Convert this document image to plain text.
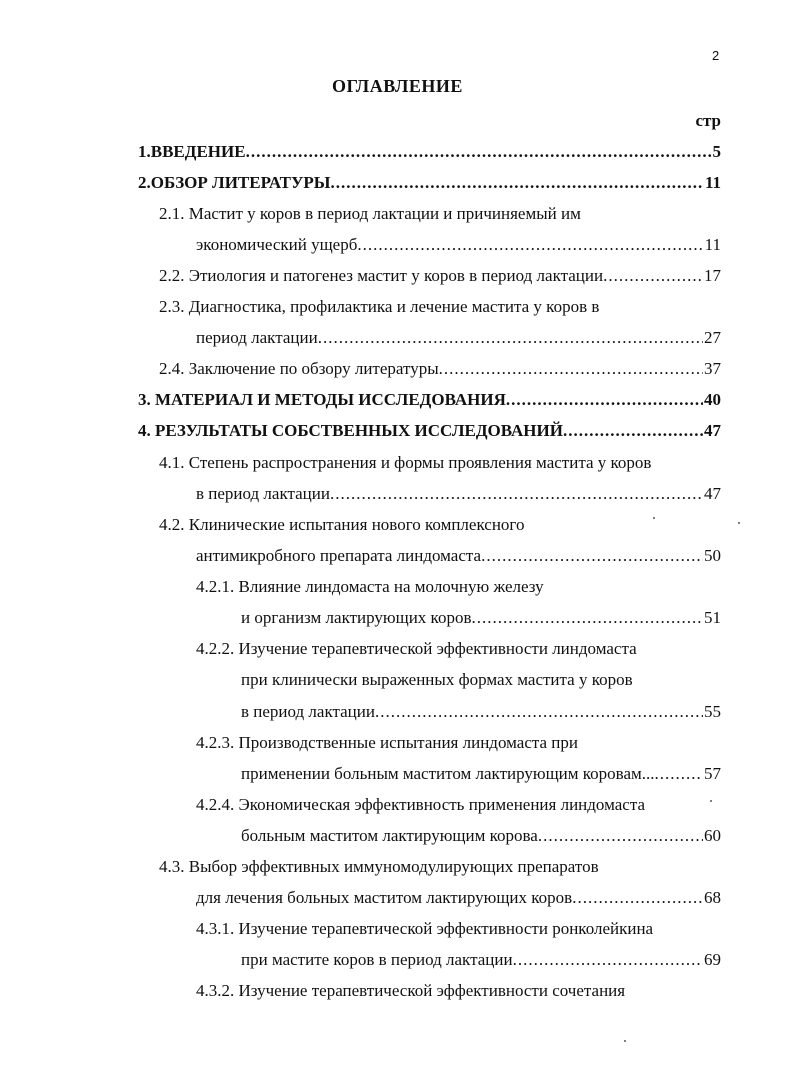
2
ОГЛАВЛЕНИЕ
стр
1.ВВЕДЕНИЕ .....	5
2.ОБЗОР ЛИТЕРАТУРЫ .....	11
2.1. Мастит у коров в период лактации и причиняемый им
экономический ущерб .....	11
2.2. Этиология и патогенез мастит у коров в период лактации .....	17
2.3. Диагностика, профилактика и лечение мастита у коров в
период лактации .....	27
2.4. Заключение по обзору литературы .....	37
3. МАТЕРИАЛ И МЕТОДЫ ИССЛЕДОВАНИЯ .....	40
4. РЕЗУЛЬТАТЫ СОБСТВЕННЫХ ИССЛЕДОВАНИЙ .....	47
4.1. Степень распространения и формы проявления мастита у коров
в период лактации .....	47
4.2. Клинические испытания нового комплексного
антимикробного препарата линдомаста .....	50
4.2.1. Влияние линдомаста на молочную железу
и организм лактирующих коров .....	51
4.2.2. Изучение терапевтической эффективности линдомаста
при клинически выраженных формах мастита у коров
в период лактации .....	55
4.2.3. Производственные испытания линдомаста при
применении больным маститом лактирующим коровам... .....	57
4.2.4. Экономическая эффективность применения линдомаста
больным маститом лактирующим корова .....	60
4.3. Выбор эффективных иммуномодулирующих препаратов
для лечения больных маститом лактирующих коров .....	68
4.3.1. Изучение терапевтической эффективности ронколейкина
при мастите коров в период лактации .....	69
4.3.2. Изучение терапевтической эффективности сочетания
